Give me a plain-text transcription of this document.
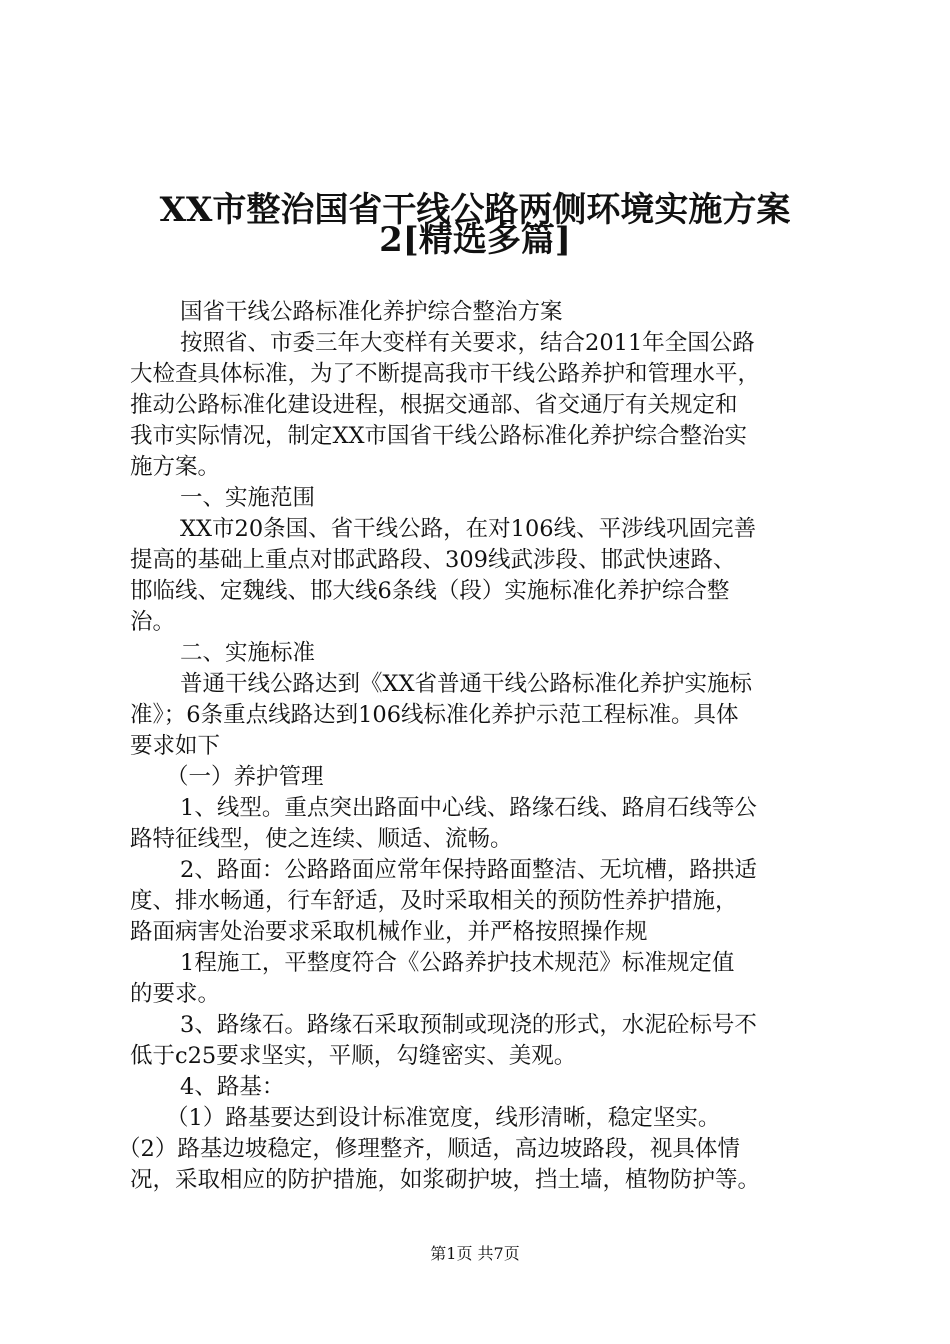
XX市整治国省干线公路两侧环境实施方案
2[精选多篇]
国省干线公路标准化养护综合整治方案
按照省、市委三年大变样有关要求，结合2011年全国公路
大检查具体标准，为了不断提高我市干线公路养护和管理水平，
推动公路标准化建设进程，根据交通部、省交通厅有关规定和
我市实际情况，制定XX市国省干线公路标准化养护综合整治实
施方案。
一、实施范围
XX市20条国、省干线公路，在对106线、平涉线巩固完善
提高的基础上重点对邯武路段、309线武涉段、邯武快速路、
邯临线、定魏线、邯大线6条线（段）实施标准化养护综合整
治。
二、实施标准
普通干线公路达到《XX省普通干线公路标准化养护实施标
准》；6条重点线路达到106线标准化养护示范工程标准。具体
要求如下
（一）养护管理
1、线型。重点突出路面中心线、路缘石线、路肩石线等公
路特征线型，使之连续、顺适、流畅。
2、路面：公路路面应常年保持路面整洁、无坑槽，路拱适
度、排水畅通，行车舒适，及时采取相关的预防性养护措施，
路面病害处治要求采取机械作业，并严格按照操作规
1程施工，平整度符合《公路养护技术规范》标准规定值
的要求。
3、路缘石。路缘石采取预制或现浇的形式，水泥砼标号不
低于c25要求坚实，平顺，勾缝密实、美观。
4、路基：
（1）路基要达到设计标准宽度，线形清晰，稳定坚实。
（2）路基边坡稳定，修理整齐，顺适，高边坡路段，视具体情
况，采取相应的防护措施，如浆砌护坡，挡土墙，植物防护等。
第1页 共7页
